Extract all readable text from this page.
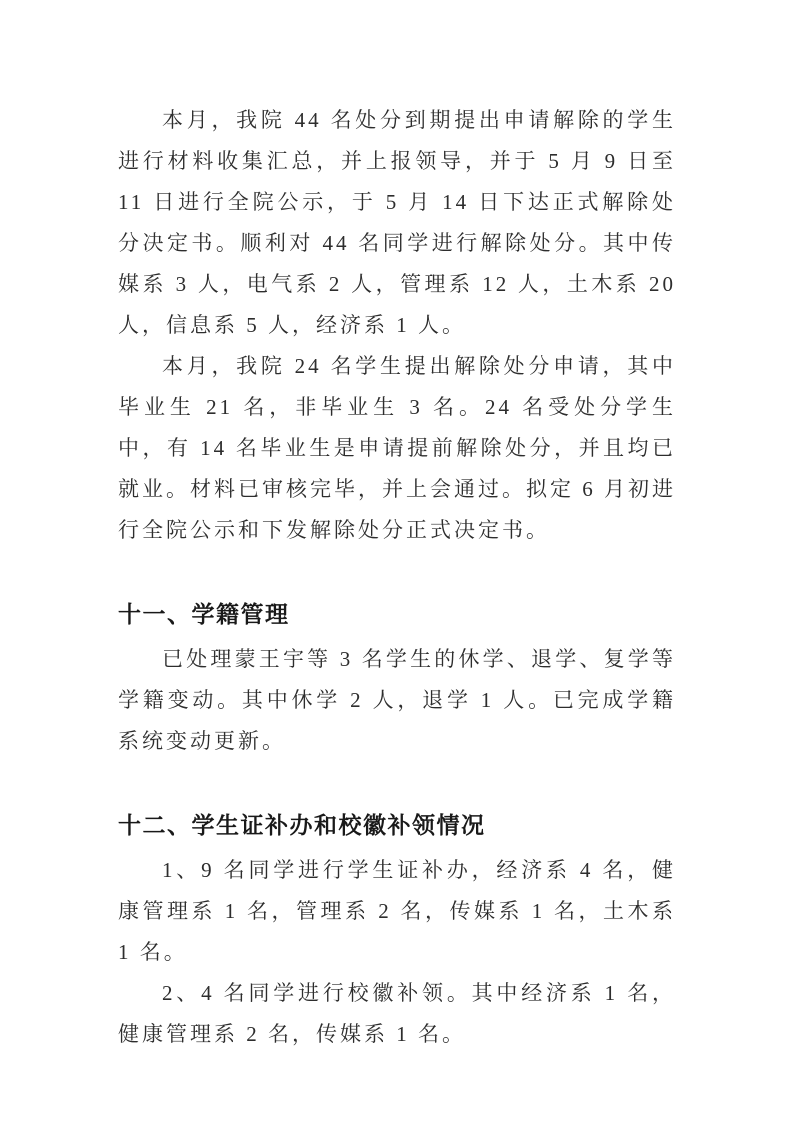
本月，我院 44 名处分到期提出申请解除的学生进行材料收集汇总，并上报领导，并于 5 月 9 日至 11 日进行全院公示，于 5 月 14 日下达正式解除处分决定书。顺利对 44 名同学进行解除处分。其中传媒系 3 人，电气系 2 人，管理系 12 人，土木系 20 人，信息系 5 人，经济系 1 人。

本月，我院 24 名学生提出解除处分申请，其中毕业生 21 名，非毕业生 3 名。24 名受处分学生中，有 14 名毕业生是申请提前解除处分，并且均已就业。材料已审核完毕，并上会通过。拟定 6 月初进行全院公示和下发解除处分正式决定书。

十一、学籍管理

已处理蒙王宇等 3 名学生的休学、退学、复学等学籍变动。其中休学 2 人，退学 1 人。已完成学籍系统变动更新。

十二、学生证补办和校徽补领情况

1、9 名同学进行学生证补办，经济系 4 名，健康管理系 1 名，管理系 2 名，传媒系 1 名，土木系 1 名。

2、4 名同学进行校徽补领。其中经济系 1 名，健康管理系 2 名，传媒系 1 名。
